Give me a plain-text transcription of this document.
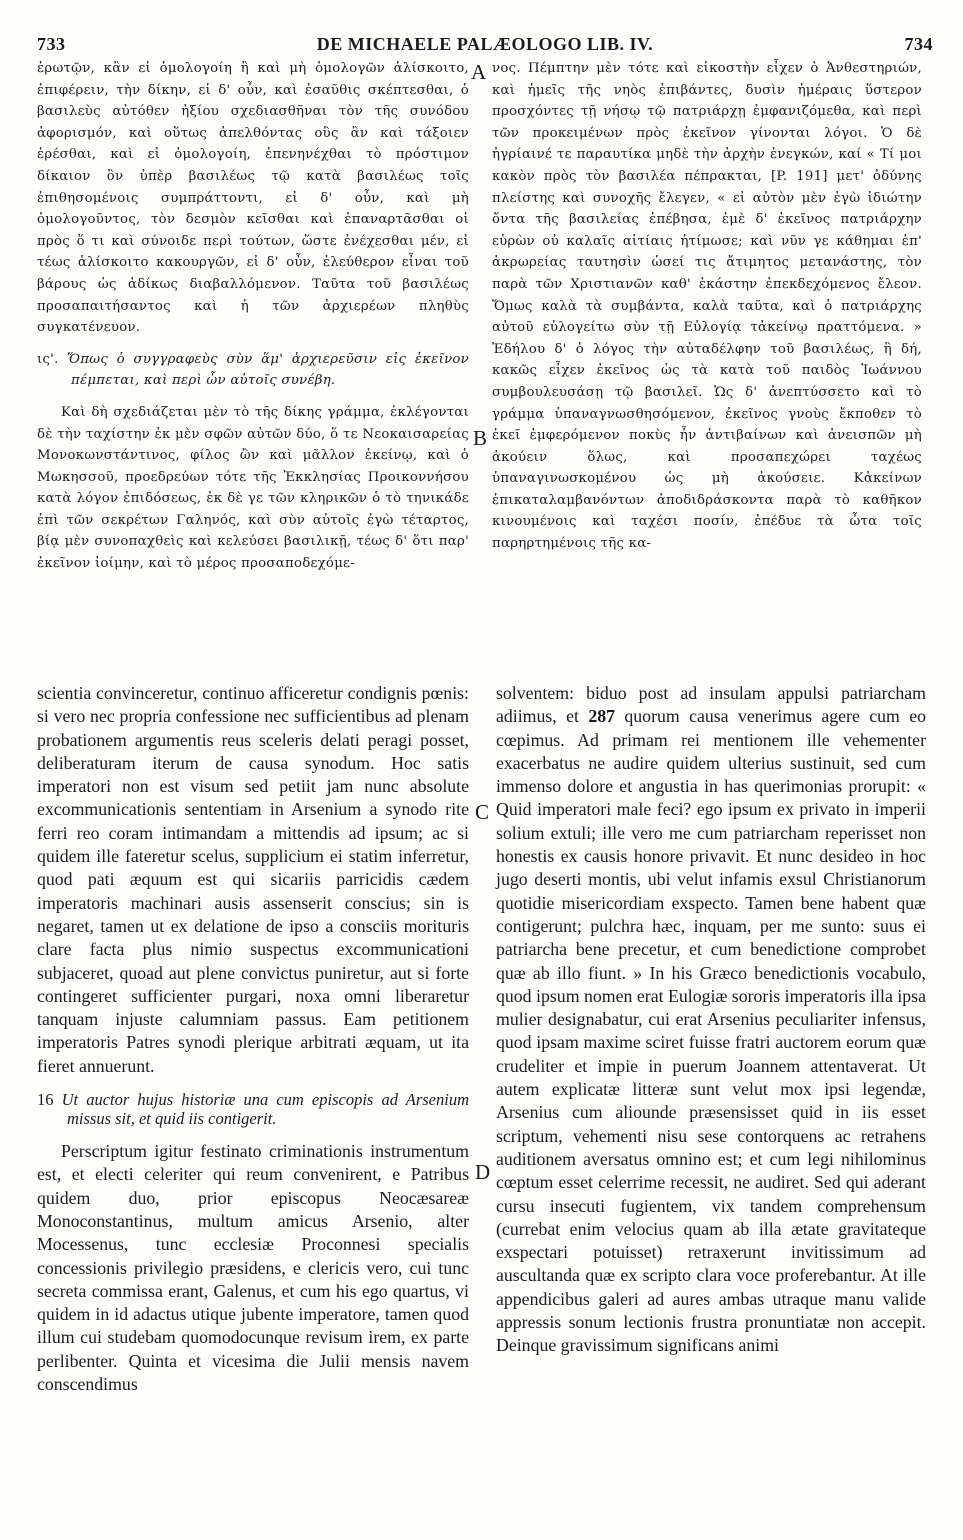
733	DE MICHAELE PALÆOLOGO LIB. IV.	734
A
B
C
D

ἐρωτῷν, κἂν εἰ ὁμολογοίη ἢ καὶ μὴ ὁμολογῶν ἁλίσκοιτο, ἐπιφέρειν, τὴν δίκην, εἰ δ' οὖν, καὶ ἐσαῦθις σκέπτεσθαι, ὁ βασιλεὺς αὐτόθεν ἠξίου σχεδιασθῆναι τὸν τῆς συνόδου ἀφορισμόν, καὶ οὕτως ἀπελθόντας οὓς ἂν καὶ τάξοιεν ἐρέσθαι, καὶ εἰ ὁμολογοίη, ἐπενηνέχθαι τὸ πρόστιμον δίκαιον ὂν ὑπὲρ βασιλέως τῷ κατὰ βασιλέως τοῖς ἐπιθησομένοις συμπράττοντι, εἰ δ' οὖν, καὶ μὴ ὁμολογοῦντος, τὸν δεσμὸν κεῖσθαι καὶ ἐπαναρτᾶσθαι οἱ πρὸς ὅ τι καὶ σύνοιδε περὶ τούτων, ὥστε ἐνέχεσθαι μέν, εἰ τέως ἁλίσκοιτο κακουργῶν, εἰ δ' οὖν, ἐλεύθερον εἶναι τοῦ βάρους ὡς ἀδίκως διαβαλλόμενον. Ταῦτα τοῦ βασιλέως προσαπαιτήσαντος καὶ ἡ τῶν ἀρχιερέων πληθὺς συγκατένευον.

ις'. Ὅπως ὁ συγγραφεὺς σὺν ἅμ' ἀρχιερεῦσιν εἰς ἐκεῖνον πέμπεται, καὶ περὶ ὧν αὐτοῖς συνέβη.

Καὶ δὴ σχεδιάζεται μὲν τὸ τῆς δίκης γράμμα, ἐκλέγονται δὲ τὴν ταχίστην ἐκ μὲν σφῶν αὐτῶν δύο, ὅ τε Νεοκαισαρείας Μονοκωνστάντινος, φίλος ὢν καὶ μᾶλλον ἐκείνῳ, καὶ ὁ Μωκησσοῦ, προεδρεύων τότε τῆς Ἐκκλησίας Προικοννήσου κατὰ λόγον ἐπιδόσεως, ἐκ δὲ γε τῶν κληρικῶν ὁ τὸ τηνικάδε ἐπὶ τῶν σεκρέτων Γαληνός, καὶ σὺν αὐτοῖς ἐγὼ τέταρτος, βίᾳ μὲν συνοπαχθεὶς καὶ κελεύσει βασιλικῇ, τέως δ' ὅτι παρ' ἐκεῖνον ἰοίμην, καὶ τὸ μέρος προσαποδεχόμε-

νος. Πέμπτην μὲν τότε καὶ εἰκοστὴν εἶχεν ὁ Ἀνθεστηριών, καὶ ἡμεῖς τῆς νηὸς ἐπιβάντες, δυσὶν ἡμέραις ὕστερον προσχόντες τῇ νήσῳ τῷ πατριάρχῃ ἐμφανιζόμεθα, καὶ περὶ τῶν προκειμένων πρὸς ἐκεῖνον γίνονται λόγοι. Ὁ δὲ ἠγρίαινέ τε παραυτίκα μηδὲ τὴν ἀρχὴν ἐνεγκών, καί « Τί μοι κακὸν πρὸς τὸν βασιλέα πέπρακται, [P. 191] μετ' ὀδύνης πλείστης καὶ συνοχῆς ἔλεγεν, « εἰ αὐτὸν μὲν ἐγὼ ἰδιώτην ὄντα τῆς βασιλείας ἐπέβησα, ἐμὲ δ' ἐκεῖνος πατριάρχην εὑρὼν οὐ καλαῖς αἰτίαις ἠτίμωσε; καὶ νῦν γε κάθημαι ἐπ' ἀκρωρείας ταυτησὶν ὡσεί τις ἄτιμητος μετανάστης, τὸν παρὰ τῶν Χριστιανῶν καθ' ἑκάστην ἐπεκδεχόμενος ἔλεον. Ὅμως καλὰ τὰ συμβάντα, καλὰ ταῦτα, καὶ ὁ πατριάρχης αὐτοῦ εὐλογείτω σὺν τῇ Εὐλογίᾳ τἀκείνῳ πραττόμενα. » Ἐδήλου δ' ὁ λόγος τὴν αὐταδέλφην τοῦ βασιλέως, ἣ δή, κακῶς εἶχεν ἐκεῖνος ὡς τὰ κατὰ τοῦ παιδὸς Ἰωάννου συμβουλευσάσῃ τῷ βασιλεῖ. Ὡς δ' ἀνεπτύσσετο καὶ τὸ γράμμα ὑπαναγνωσθησόμενον, ἐκεῖνος γνοὺς ἔκποθεν τὸ ἐκεῖ ἐμφερόμενον ποκὺς ἦν ἀντιβαίνων καὶ ἀνεισπῶν μὴ ἀκούειν ὅλως, καὶ προσαπεχώρει ταχέως ὑπαναγινωσκομένου ὡς μὴ ἀκούσειε. Κἀκείνων ἐπικαταλαμβανόντων ἀποδιδράσκοντα παρὰ τὸ καθῆκον κινουμένοις καὶ ταχέσι ποσίν, ἐπέδυε τὰ ὦτα τοῖς παρηρτημένοις τῆς κα-

scientia convinceretur, continuo afficeretur condignis pœnis: si vero nec propria confessione nec sufficientibus ad plenam probationem argumentis reus sceleris delati peragi posset, deliberaturam iterum de causa synodum. Hoc satis imperatori non est visum sed petiit jam nunc absolute excommunicationis sententiam in Arsenium a synodo rite ferri reo coram intimandam a mittendis ad ipsum; ac si quidem ille fateretur scelus, supplicium ei statim inferretur, quod pati æquum est qui sicariis parricidis cædem imperatoris machinari ausis assenserit conscius; sin is negaret, tamen ut ex delatione de ipso a consciis morituris clare facta plus nimio suspectus excommunicationi subjaceret, quoad aut plene convictus puniretur, aut si forte contingeret sufficienter purgari, noxa omni liberaretur tanquam injuste calumniam passus. Eam petitionem imperatoris Patres synodi plerique arbitrati æquam, ut ita fieret annuerunt.

16 Ut auctor hujus historiæ una cum episcopis ad Arsenium missus sit, et quid iis contigerit.

Perscriptum igitur festinato criminationis instrumentum est, et electi celeriter qui reum convenirent, e Patribus quidem duo, prior episcopus Neocæsareæ Monoconstantinus, multum amicus Arsenio, alter Mocessenus, tunc ecclesiæ Proconnesi specialis concessionis privilegio præsidens, e clericis vero, cui tunc secreta commissa erant, Galenus, et cum his ego quartus, vi quidem in id adactus utique jubente imperatore, tamen quod illum cui studebam quomodocunque revisum irem, ex parte perlibenter. Quinta et vicesima die Julii mensis navem conscendimus

solventem: biduo post ad insulam appulsi patriarcham adiimus, et 287 quorum causa venerimus agere cum eo cœpimus. Ad primam rei mentionem ille vehementer exacerbatus ne audire quidem ulterius sustinuit, sed cum immenso dolore et angustia in has querimonias prorupit: « Quid imperatori male feci? ego ipsum ex privato in imperii solium extuli; ille vero me cum patriarcham reperisset non honestis ex causis honore privavit. Et nunc desideo in hoc jugo deserti montis, ubi velut infamis exsul Christianorum quotidie misericordiam exspecto. Tamen bene habent quæ contigerunt; pulchra hæc, inquam, per me sunto: suus ei patriarcha bene precetur, et cum benedictione comprobet quæ ab illo fiunt. » In his Græco benedictionis vocabulo, quod ipsum nomen erat Eulogiæ sororis imperatoris illa ipsa mulier designabatur, cui erat Arsenius peculiariter infensus, quod ipsam maxime sciret fuisse fratri auctorem eorum quæ crudeliter et impie in puerum Joannem attentaverat. Ut autem explicatæ litteræ sunt velut mox ipsi legendæ, Arsenius cum aliounde præsensisset quid in iis esset scriptum, vehementi nisu sese contorquens ac retrahens auditionem aversatus omnino est; et cum legi nihilominus cœptum esset celerrime recessit, ne audiret. Sed qui aderant cursu insecuti fugientem, vix tandem comprehensum (currebat enim velocius quam ab illa ætate gravitateque exspectari potuisset) retraxerunt invitissimum ad auscultanda quæ ex scripto clara voce proferebantur. At ille appendicibus galeri ad aures ambas utraque manu valide appressis sonum lectionis frustra pronuntiatæ non accepit. Deinque gravissimum significans animi
